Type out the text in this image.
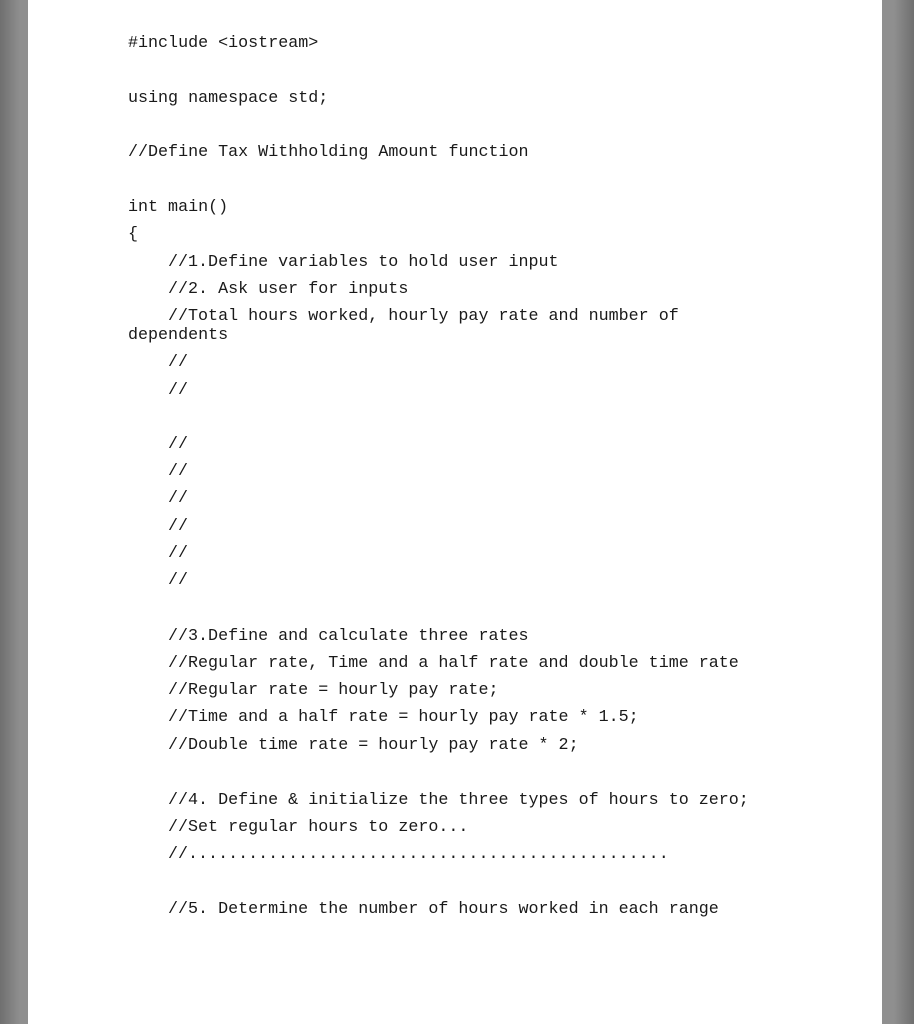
#include <iostream>

using namespace std;

//Define Tax Withholding Amount function

int main()

{

//1.Define variables to hold user input

//2. Ask user for inputs

//Total hours worked, hourly pay rate and number of

dependents

//

//

//

//

//

//

//

//

//3.Define and calculate three rates

//Regular rate, Time and a half rate and double time rate

//Regular rate = hourly pay rate;

//Time and a half rate = hourly pay rate * 1.5;

//Double time rate = hourly pay rate * 2;

//4. Define & initialize the three types of hours to zero;

//Set regular hours to zero...

//................................................

//5. Determine the number of hours worked in each range
